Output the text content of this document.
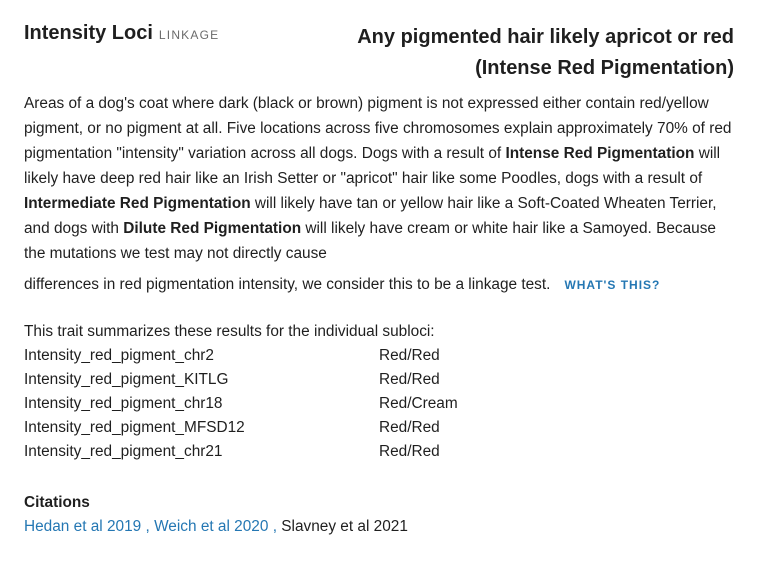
Intensity Loci LINKAGE	Any pigmented hair likely apricot or red
(Intense Red Pigmentation)
Areas of a dog's coat where dark (black or brown) pigment is not expressed either contain red/yellow pigment, or no pigment at all. Five locations across five chromosomes explain approximately 70% of red pigmentation "intensity" variation across all dogs. Dogs with a result of Intense Red Pigmentation will likely have deep red hair like an Irish Setter or "apricot" hair like some Poodles, dogs with a result of Intermediate Red Pigmentation will likely have tan or yellow hair like a Soft-Coated Wheaten Terrier, and dogs with Dilute Red Pigmentation will likely have cream or white hair like a Samoyed. Because the mutations we test may not directly cause
differences in red pigmentation intensity, we consider this to be a linkage test. WHAT'S THIS?
This trait summarizes these results for the individual subloci:
Intensity_red_pigment_chr2	Red/Red
Intensity_red_pigment_KITLG	Red/Red
Intensity_red_pigment_chr18	Red/Cream
Intensity_red_pigment_MFSD12	Red/Red
Intensity_red_pigment_chr21	Red/Red
Citations
Hedan et al 2019 , Weich et al 2020 , Slavney et al 2021
